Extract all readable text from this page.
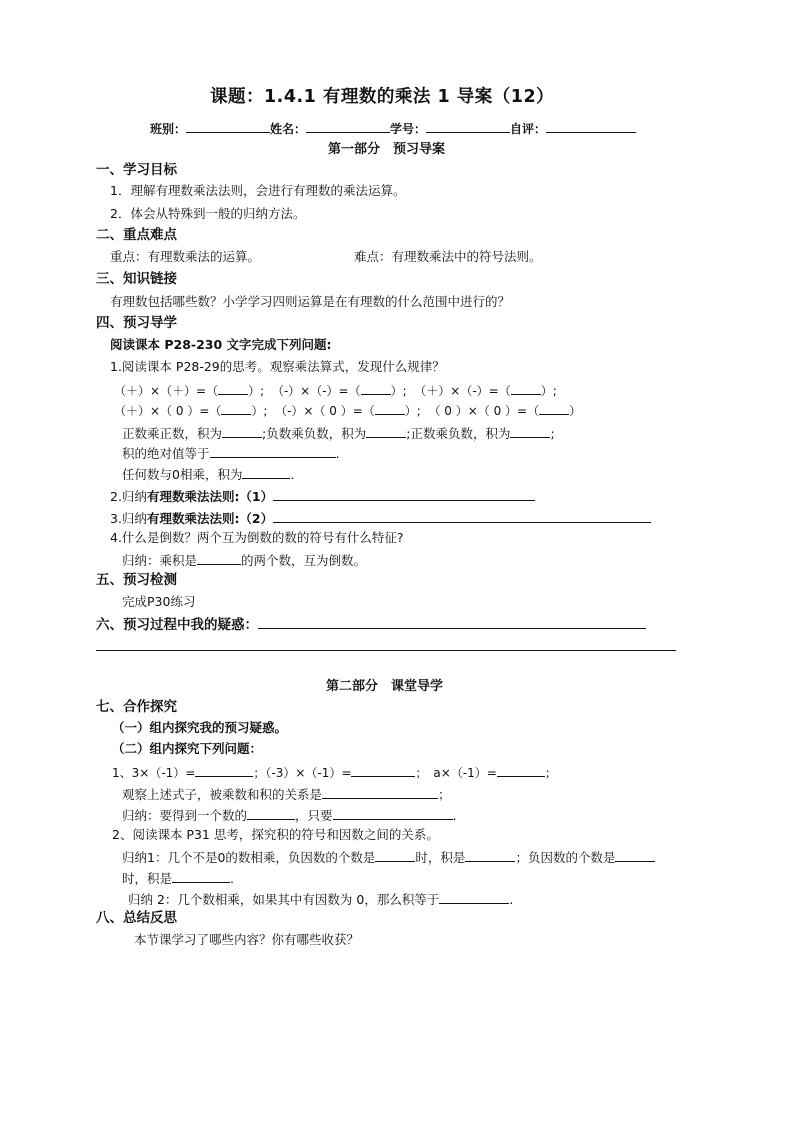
课题：1.4.1 有理数的乘法 1 导案（12）
班别：	姓名：	学号：	自评：
第一部分　预习导案
一、学习目标
1．理解有理数乘法法则，会进行有理数的乘法运算。
2．体会从特殊到一般的归纳方法。
二、重点难点
重点：有理数乘法的运算。	难点：有理数乘法中的符号法则。
三、知识链接
有理数包括哪些数？小学学习四则运算是在有理数的什么范围中进行的？
四、预习导学
阅读课本 P28-230 文字完成下列问题:
1.阅读课本 P28-29的思考。观察乘法算式，发现什么规律？
（＋）×（＋）=（	）; （-）×（-）=（	）; （＋）×（-）=（	）;
（＋）×（ 0 ）=（	）; （-）×（ 0 ）=（	）; （ 0 ）×（ 0 ）=（	）
正数乘正数，积为	;负数乘负数，积为	;正数乘负数，积为	;
积的绝对值等于	.
任何数与0相乘，积为	.
2.归纳有理数乘法法则:（1）
3.归纳有理数乘法法则:（2）
4.什么是倒数？两个互为倒数的数的符号有什么特征?
归纳：乘积是	的两个数，互为倒数。
五、预习检测
完成P30练习
六、预习过程中我的疑惑：
第二部分　课堂导学
七、合作探究
（一）组内探究我的预习疑惑。
（二）组内探究下列问题：
1、3×（-1）=	；（-3）×（-1）=	；　a×（-1）=	；
观察上述式子，被乘数和积的关系是	；
归纳：要得到一个数的	，只要	.
2、阅读课本 P31 思考，探究积的符号和因数之间的关系。
归纳1：几个不是0的数相乘，负因数的个数是	时，积是	；负因数的个数是
时，积是	.
归纳 2：几个数相乘，如果其中有因数为 0，那么积等于	.
八、总结反思
本节课学习了哪些内容？你有哪些收获？
